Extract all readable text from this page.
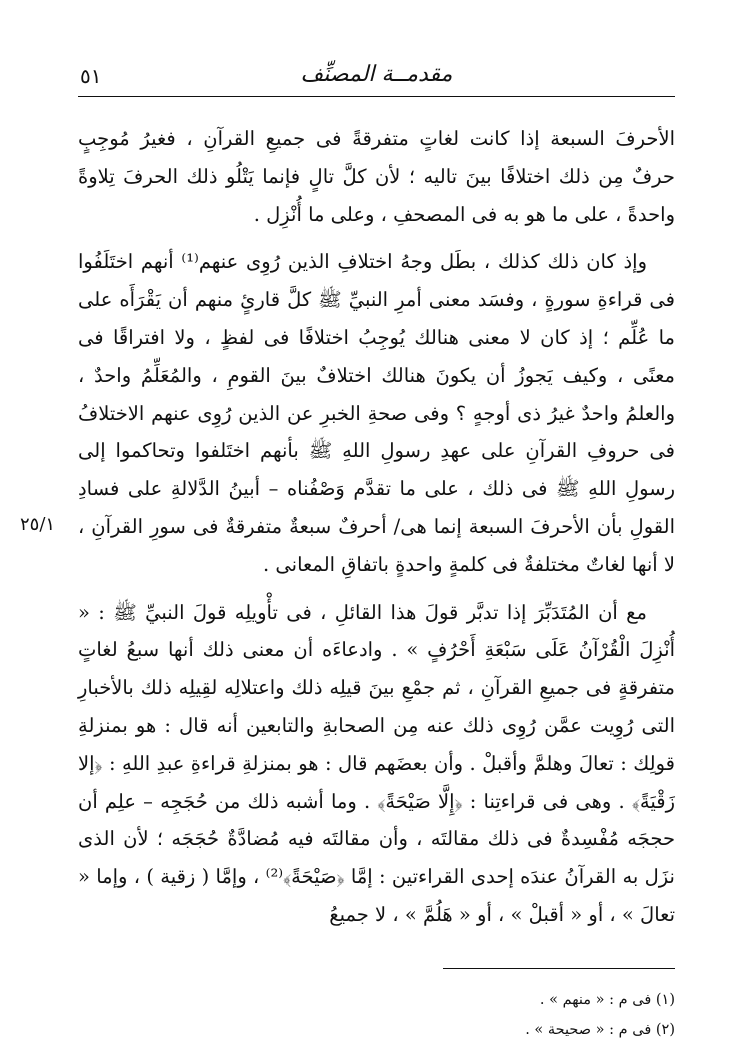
٥١	مقدمــة المصنِّف

الأحرفَ السبعة إذا كانت لغاتٍ متفرقةً فى جميعِ القرآنِ ، فغيرُ مُوجِبٍ حرفٌ مِن ذلك اختلافًا بينَ تاليه ؛ لأن كلَّ تالٍ فإنما يَتْلُو ذلك الحرفَ تِلاوةً واحدةً ، على ما هو به فى المصحفِ ، وعلى ما أُنْزِل .

وإذ كان ذلك كذلك ، بطَل وجهُ اختلافِ الذين رُوِى عنهم⁽¹⁾ أنهم اختَلَفُوا فى قراءةِ سورةٍ ، وفسَد معنى أمرِ النبيِّ ﷺ كلَّ قارئٍ منهم أن يَقْرَأَه على ما عُلِّم ؛ إذ كان لا معنى هنالك يُوجِبُ اختلافًا فى لفظٍ ، ولا افتراقًا فى معنًى ، وكيف يَجوزُ أن يكونَ هنالك اختلافٌ بينَ القومِ ، والمُعَلِّمُ واحدٌ ، والعلمُ واحدٌ غيرُ ذى أوجهٍ ؟ وفى صحةِ الخبرِ عن الذين رُوِى عنهم الاختلافُ فى حروفِ القرآنِ على عهدِ رسولِ اللهِ ﷺ بأنهم اختَلفوا وتحاكموا إلى رسولِ اللهِ ﷺ فى ذلك ، على ما تقدَّم وَصْفُناه – أبينُ الدَّلالةِ على فسادِ القولِ بأن الأحرفَ السبعة إنما هى/ أحرفٌ سبعةٌ متفرقةٌ فى سورِ القرآنِ ، لا أنها لغاتٌ مختلفةٌ فى كلمةٍ واحدةٍ باتفاقِ المعانى .

مع أن المُتَدَبِّرَ إذا تدبَّر قولَ هذا القائلِ ، فى تأْويلِه قولَ النبيِّ ﷺ : « أُنْزِلَ الْقُرْآنُ عَلَى سَبْعَةِ أَحْرُفٍ » . وادعاءَه أن معنى ذلك أنها سبعُ لغاتٍ متفرقةٍ فى جميعِ القرآنِ ، ثم جمْعِ بينَ قيلِه ذلك واعتلالِه لقِيلِه ذلك بالأخبارِ التى رُوِيت عمَّن رُوِى ذلك عنه مِن الصحابةِ والتابعين أنه قال : هو بمنزلةِ قولِك : تعالَ وهلمَّ وأقبلْ . وأن بعضَهم قال : هو بمنزلةِ قراءةِ عبدِ اللهِ : ﴿إلا زَقْيَةً﴾ . وهى فى قراءتِنا : ﴿إِلَّا صَيْحَةً﴾ . وما أشبه ذلك من حُجَجِه – علِم أن حججَه مُفْسِدةٌ فى ذلك مقالتَه ، وأن مقالتَه فيه مُضادَّةٌ حُجَجَه ؛ لأن الذى نزَل به القرآنُ عندَه إحدى القراءتين : إمَّا ﴿صَيْحَةً﴾⁽²⁾ ، وإمَّا ( زقية ) ، وإما « تعالَ » ، أو « أقبلْ » ، أو « هَلُمَّ » ، لا جميعُ

٢٥/١

(١) فى م : « منهم » .

(٢) فى م : « صحيحة » .
